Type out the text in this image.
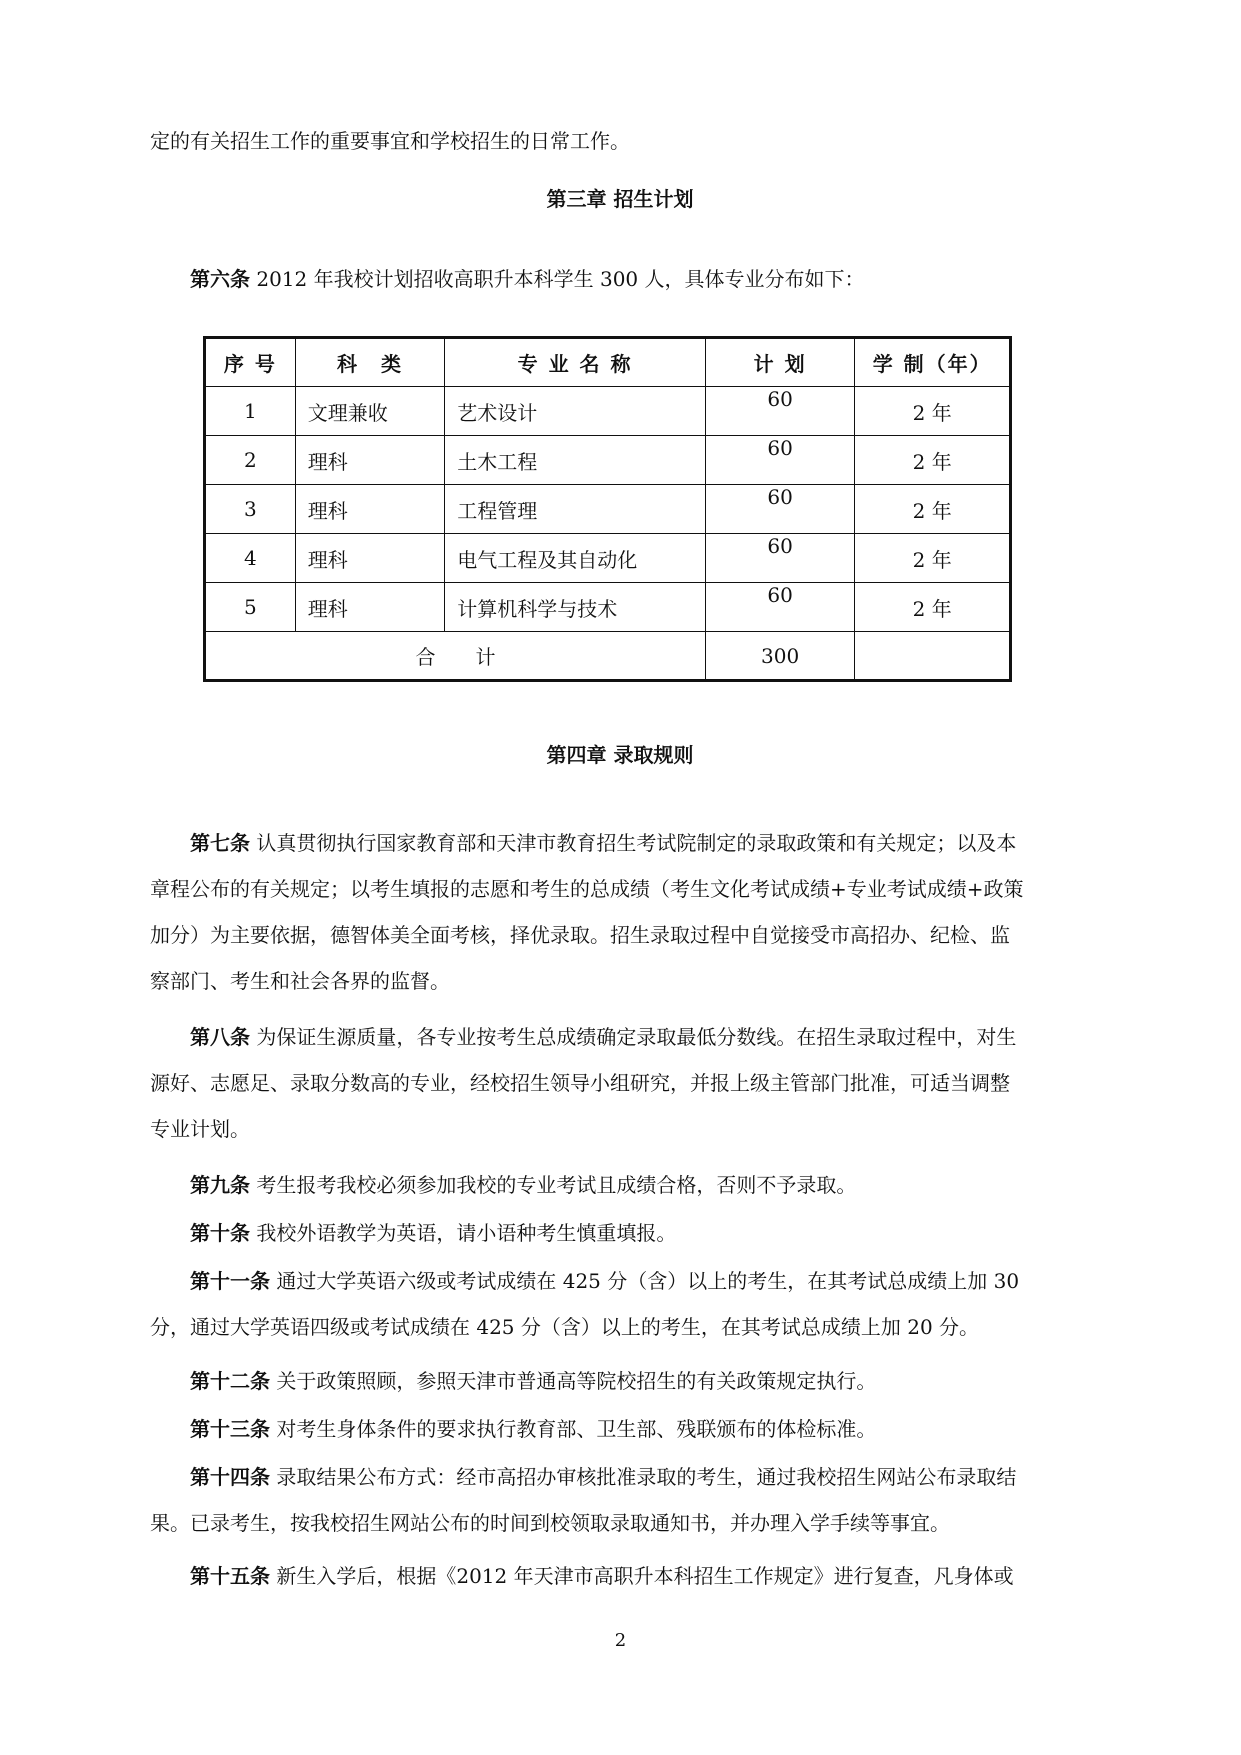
定的有关招生工作的重要事宜和学校招生的日常工作。
第三章 招生计划
第六条 2012 年我校计划招收高职升本科学生 300 人，具体专业分布如下：
序 号	科　类	专 业 名 称	计 划	学 制（年）
1	文理兼收	艺术设计	60	2 年
2	理科	土木工程	60	2 年
3	理科	工程管理	60	2 年
4	理科	电气工程及其自动化	60	2 年
5	理科	计算机科学与技术	60	2 年
合　　计			300	
第四章 录取规则
第七条 认真贯彻执行国家教育部和天津市教育招生考试院制定的录取政策和有关规定；以及本
章程公布的有关规定；以考生填报的志愿和考生的总成绩（考生文化考试成绩+专业考试成绩+政策
加分）为主要依据，德智体美全面考核，择优录取。招生录取过程中自觉接受市高招办、纪检、监
察部门、考生和社会各界的监督。
第八条 为保证生源质量，各专业按考生总成绩确定录取最低分数线。在招生录取过程中，对生
源好、志愿足、录取分数高的专业，经校招生领导小组研究，并报上级主管部门批准，可适当调整
专业计划。
第九条 考生报考我校必须参加我校的专业考试且成绩合格，否则不予录取。
第十条 我校外语教学为英语，请小语种考生慎重填报。
第十一条 通过大学英语六级或考试成绩在 425 分（含）以上的考生，在其考试总成绩上加 30
分，通过大学英语四级或考试成绩在 425 分（含）以上的考生，在其考试总成绩上加 20 分。
第十二条 关于政策照顾，参照天津市普通高等院校招生的有关政策规定执行。
第十三条 对考生身体条件的要求执行教育部、卫生部、残联颁布的体检标准。
第十四条 录取结果公布方式：经市高招办审核批准录取的考生，通过我校招生网站公布录取结
果。已录考生，按我校招生网站公布的时间到校领取录取通知书，并办理入学手续等事宜。
第十五条 新生入学后，根据《2012 年天津市高职升本科招生工作规定》进行复查，凡身体或
2
